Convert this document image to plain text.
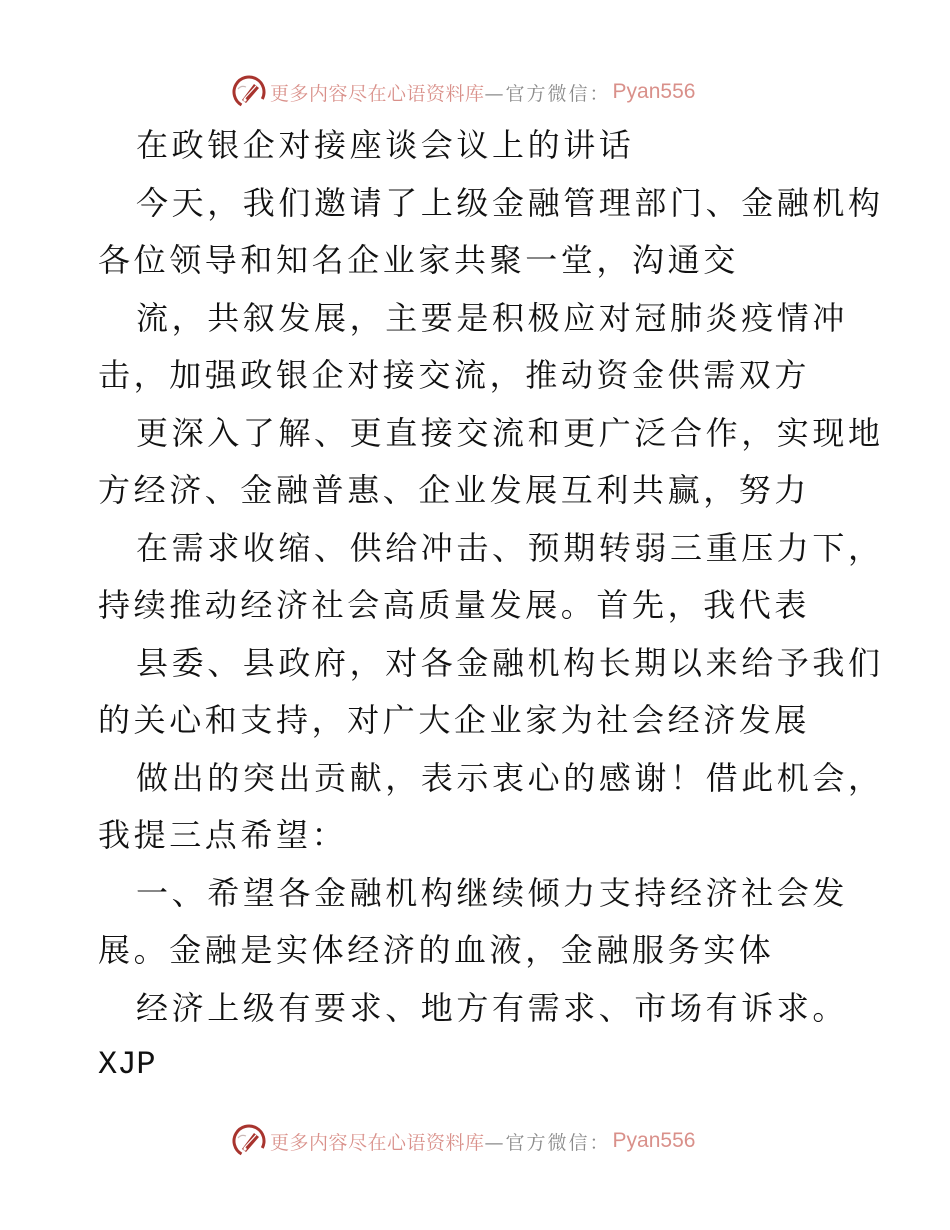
更多内容尽在心语资料库 —官方微信： Pyan556
在政银企对接座谈会议上的讲话
今天，我们邀请了上级金融管理部门、金融机构
各位领导和知名企业家共聚一堂，沟通交
流，共叙发展，主要是积极应对冠肺炎疫情冲
击，加强政银企对接交流，推动资金供需双方
更深入了解、更直接交流和更广泛合作，实现地
方经济、金融普惠、企业发展互利共赢，努力
在需求收缩、供给冲击、预期转弱三重压力下，
持续推动经济社会高质量发展。首先，我代表
县委、县政府，对各金融机构长期以来给予我们
的关心和支持，对广大企业家为社会经济发展
做出的突出贡献，表示衷心的感谢！借此机会，
我提三点希望：
一、希望各金融机构继续倾力支持经济社会发
展。金融是实体经济的血液，金融服务实体
经济上级有要求、地方有需求、市场有诉求。
XJP
更多内容尽在心语资料库 —官方微信： Pyan556
